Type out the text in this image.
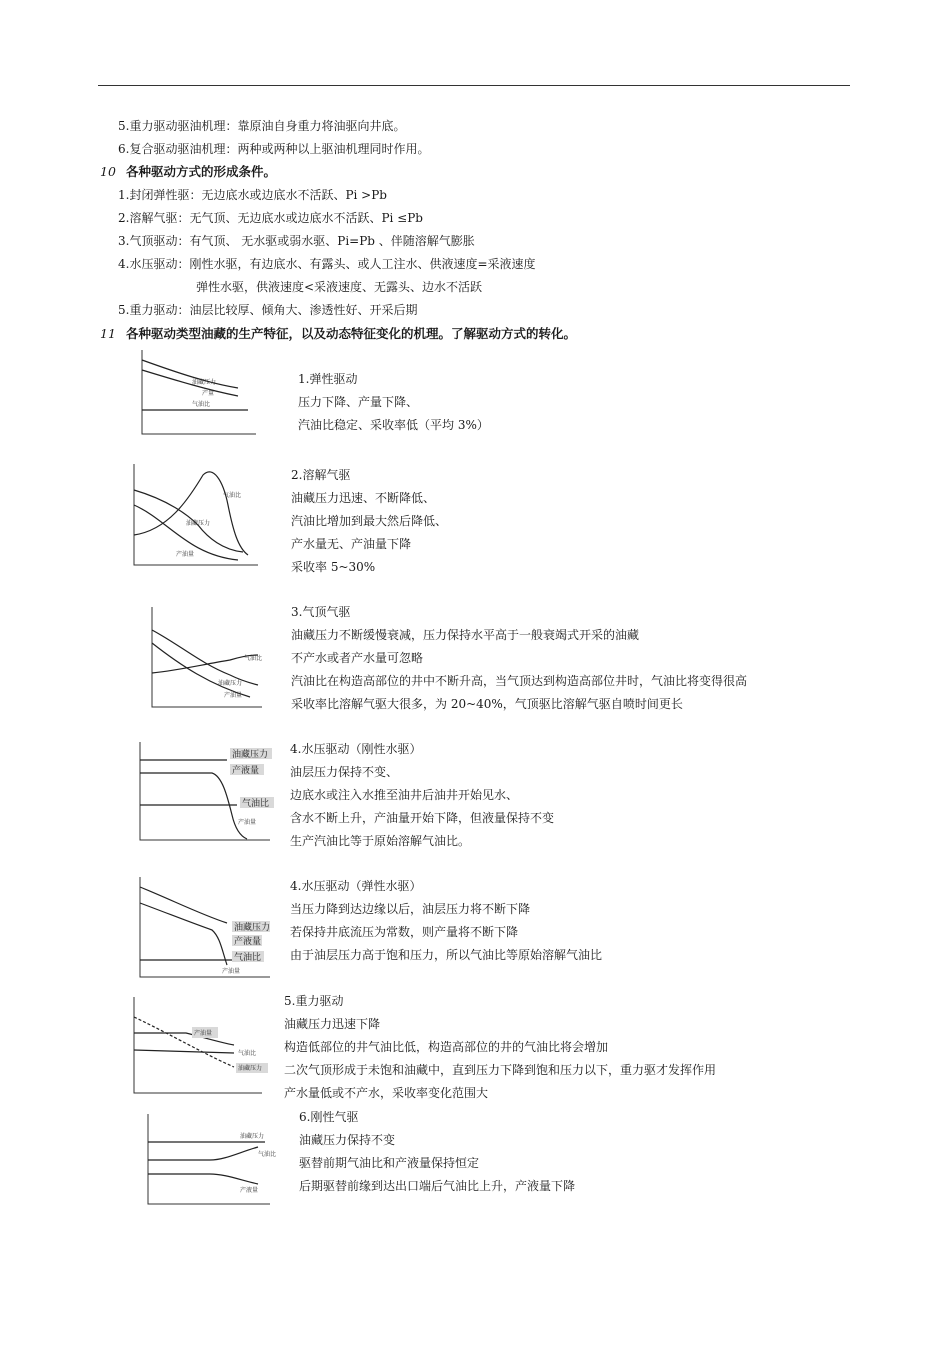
5.重力驱动驱油机理：靠原油自身重力将油驱向井底。
6.复合驱动驱油机理：两种或两种以上驱油机理同时作用。
10 各种驱动方式的形成条件。
1.封闭弹性驱：无边底水或边底水不活跃、Pi >Pb
2.溶解气驱：无气顶、无边底水或边底水不活跃、Pi ≤Pb
3.气顶驱动：有气顶、 无水驱或弱水驱、Pi=Pb 、伴随溶解气膨胀
4.水压驱动：刚性水驱，有边底水、有露头、或人工注水、供液速度=采液速度
弹性水驱，供液速度<采液速度、无露头、边水不活跃
5.重力驱动：油层比较厚、倾角大、渗透性好、开采后期
11 各种驱动类型油藏的生产特征，以及动态特征变化的机理。了解驱动方式的转化。
油藏压力
产量
气油比
1.弹性驱动
压力下降、产量下降、
汽油比稳定、采收率低（平均 3%）
气油比
油藏压力
产油量
2.溶解气驱
油藏压力迅速、不断降低、
汽油比增加到最大然后降低、
产水量无、产油量下降
采收率 5~30%
气油比
油藏压力
产油量
3.气顶气驱
油藏压力不断缓慢衰减，压力保持水平高于一般衰竭式开采的油藏
不产水或者产水量可忽略
汽油比在构造高部位的井中不断升高，当气顶达到构造高部位井时，气油比将变得很高
采收率比溶解气驱大很多，为 20~40%，气顶驱比溶解气驱自喷时间更长
油藏压力
产液量
气油比
产油量
4.水压驱动（刚性水驱）
油层压力保持不变、
边底水或注入水推至油井后油井开始见水、
含水不断上升，产油量开始下降，但液量保持不变
生产汽油比等于原始溶解气油比。
油藏压力
产液量
气油比
产油量
4.水压驱动（弹性水驱）
当压力降到达边缘以后，油层压力将不断下降
若保持井底流压为常数，则产量将不断下降
由于油层压力高于饱和压力，所以气油比等原始溶解气油比
产油量
气油比
油藏压力
5.重力驱动
油藏压力迅速下降
构造低部位的井气油比低，构造高部位的井的气油比将会增加
二次气顶形成于未饱和油藏中，直到压力下降到饱和压力以下，重力驱才发挥作用
产水量低或不产水，采收率变化范围大
油藏压力
气油比
产液量
6.刚性气驱
油藏压力保持不变
驱替前期气油比和产液量保持恒定
后期驱替前缘到达出口端后气油比上升，产液量下降
